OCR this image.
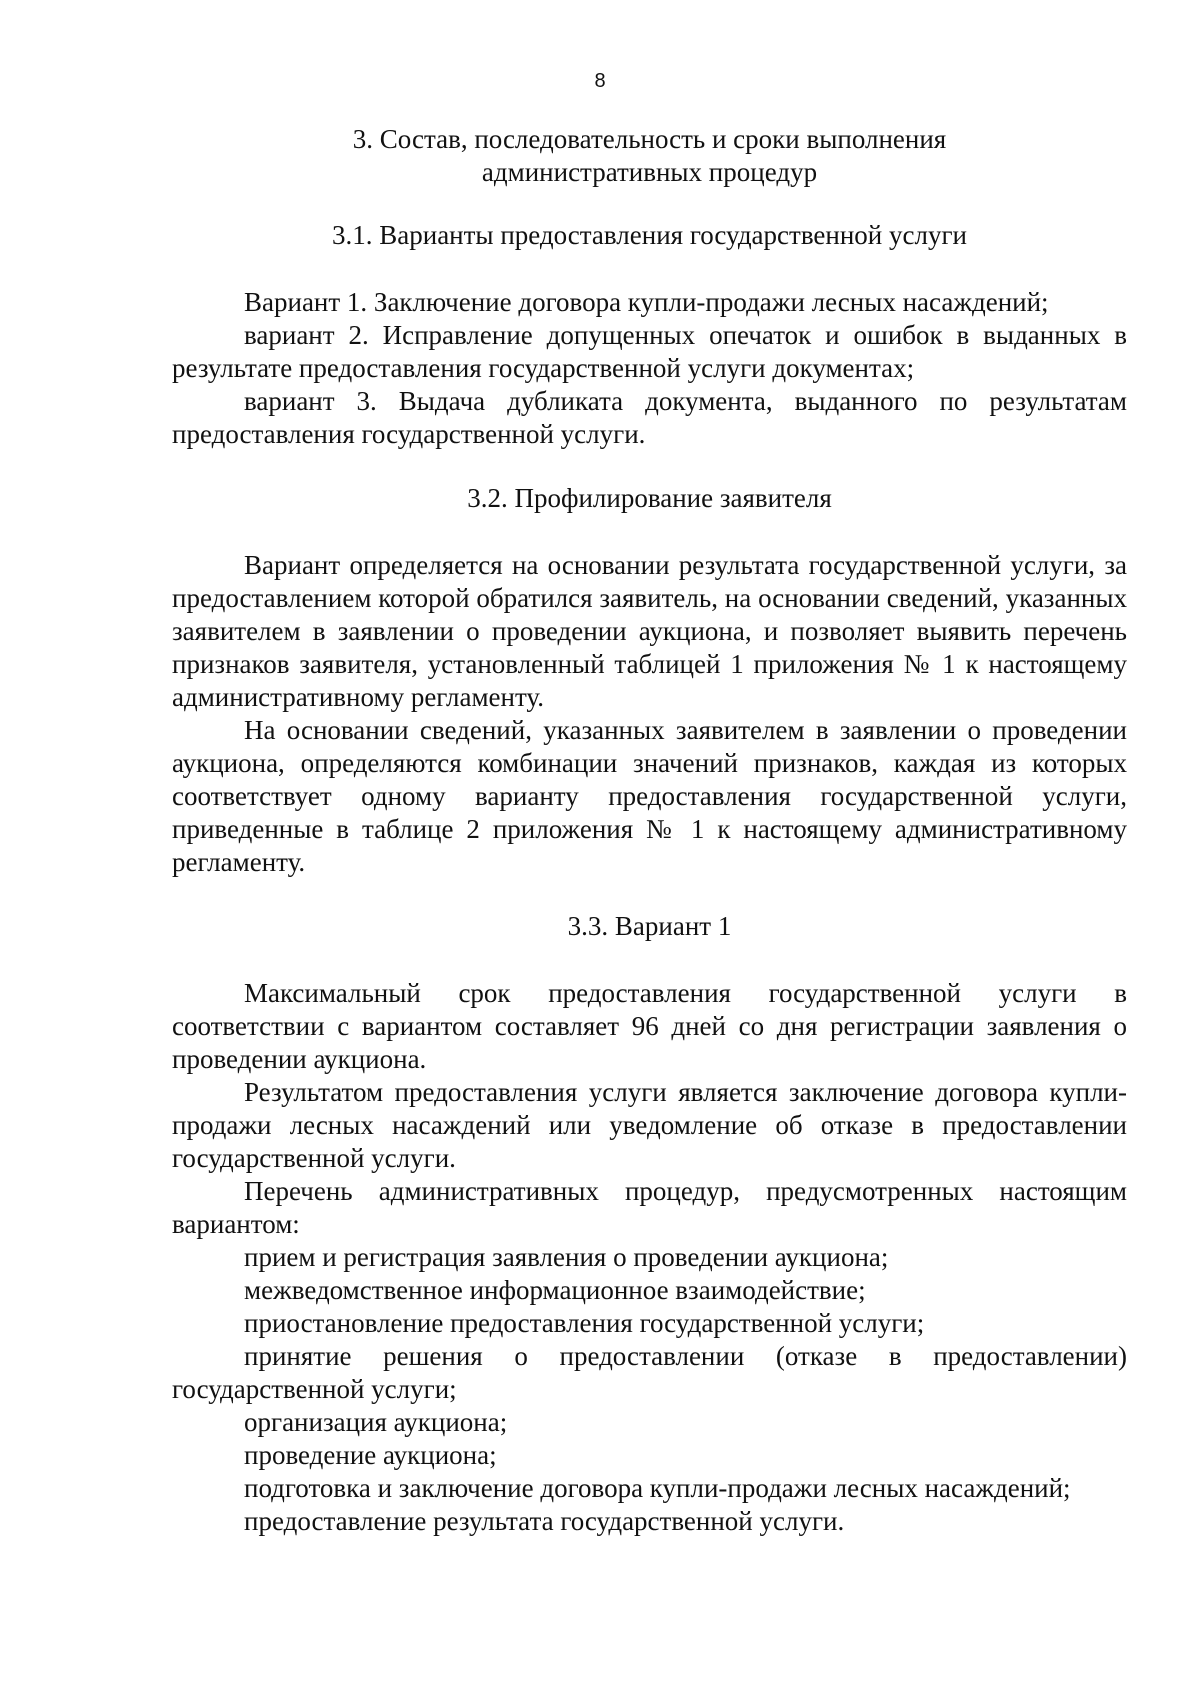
8
3. Состав, последовательность и сроки выполнения
административных процедур
3.1. Варианты предоставления государственной услуги

Вариант 1. Заключение договора купли-продажи лесных насаждений;

вариант 2. Исправление допущенных опечаток и ошибок в выданных в результате предоставления государственной услуги документах;

вариант 3. Выдача дубликата документа, выданного по результатам предоставления государственной услуги.

3.2. Профилирование заявителя

Вариант определяется на основании результата государственной услуги, за предоставлением которой обратился заявитель, на основании сведений, указанных заявителем в заявлении о проведении аукциона, и позволяет выявить перечень признаков заявителя, установленный таблицей 1 приложения № 1 к настоящему административному регламенту.

На основании сведений, указанных заявителем в заявлении о проведении аукциона, определяются комбинации значений признаков, каждая из которых соответствует одному варианту предоставления государственной услуги, приведенные в таблице 2 приложения № 1 к настоящему административному регламенту.

3.3. Вариант 1

Максимальный срок предоставления государственной услуги в соответствии с вариантом составляет 96 дней со дня регистрации заявления о проведении аукциона.

Результатом предоставления услуги является заключение договора купли-продажи лесных насаждений или уведомление об отказе в предоставлении государственной услуги.

Перечень административных процедур, предусмотренных настоящим вариантом:

прием и регистрация заявления о проведении аукциона;

межведомственное информационное взаимодействие;

приостановление предоставления государственной услуги;

принятие решения о предоставлении (отказе в предоставлении) государственной услуги;

организация аукциона;

проведение аукциона;

подготовка и заключение договора купли-продажи лесных насаждений;

предоставление результата государственной услуги.
